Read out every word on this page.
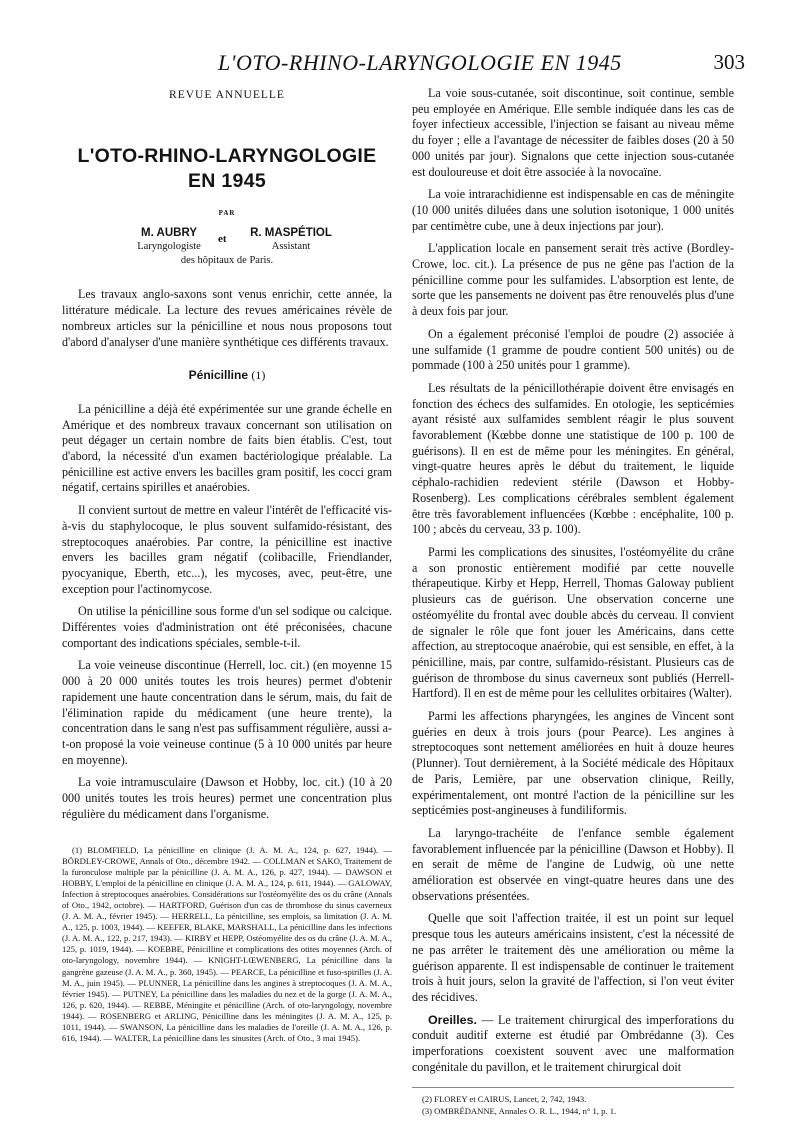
L'OTO-RHINO-LARYNGOLOGIE EN 1945	303
REVUE ANNUELLE
L'OTO-RHINO-LARYNGOLOGIE
EN 1945
PAR
M. AUBRY
Laryngologiste
et	R. MASPÉTIOL
Assistant
des hôpitaux de Paris.

Les travaux anglo-saxons sont venus enrichir, cette année, la littérature médicale. La lecture des revues américaines révèle de nombreux articles sur la pénicilline et nous nous proposons tout d'abord d'analyser d'une manière synthétique ces différents travaux.

Pénicilline (1)

La pénicilline a déjà été expérimentée sur une grande échelle en Amérique et des nombreux travaux concernant son utilisation on peut dégager un certain nombre de faits bien établis. C'est, tout d'abord, la nécessité d'un examen bactériologique préalable. La pénicilline est active envers les bacilles gram positif, les cocci gram négatif, certains spirilles et anaérobies.

Il convient surtout de mettre en valeur l'intérêt de l'efficacité vis-à-vis du staphylocoque, le plus souvent sulfamido-résistant, des streptocoques anaérobies. Par contre, la pénicilline est inactive envers les bacilles gram négatif (colibacille, Friendlander, pyocyanique, Eberth, etc...), les mycoses, avec, peut-être, une exception pour l'actinomycose.

On utilise la pénicilline sous forme d'un sel sodique ou calcique. Différentes voies d'administration ont été préconisées, chacune comportant des indications spéciales, semble-t-il.

La voie veineuse discontinue (Herrell, loc. cit.) (en moyenne 15 000 à 20 000 unités toutes les trois heures) permet d'obtenir rapidement une haute concentration dans le sérum, mais, du fait de l'élimination rapide du médicament (une heure trente), la concentration dans le sang n'est pas suffisamment régulière, aussi a-t-on proposé la voie veineuse continue (5 à 10 000 unités par heure en moyenne).

La voie intramusculaire (Dawson et Hobby, loc. cit.) (10 à 20 000 unités toutes les trois heures) permet une concentration plus régulière du médicament dans l'organisme.

(1) BLOMFIELD, La pénicilline en clinique (J. A. M. A., 124, p. 627, 1944). — BÖRDLEY-CROWE, Annals of Oto., décembre 1942. — COLLMAN et SAKO, Traitement de la furonculose multiple par la pénicilline (J. A. M. A., 126, p. 427, 1944). — DAWSON et HOBBY, L'emploi de la pénicilline en clinique (J. A. M. A., 124, p. 611, 1944). — GALOWAY, Infection à streptocoques anaérobies. Considérations sur l'ostéomyélite des os du crâne (Annals of Oto., 1942, octobre). — HARTFORD, Guérison d'un cas de thrombose du sinus caverneux (J. A. M. A., février 1945). — HERRELL, La pénicilline, ses emplois, sa limitation (J. A. M. A., 125, p. 1003, 1944). — KEEFER, BLAKE, MARSHALL, La pénicilline dans les infections (J. A. M. A., 122, p. 217, 1943). — KIRBY et HEPP, Ostéomyélite des os du crâne (J. A. M. A., 125, p. 1019, 1944). — KOEBBE, Pénicilline et complications des otites moyennes (Arch. of oto-laryngology, novembre 1944). — KNIGHT-LŒWENBERG, La pénicilline dans la gangrène gazeuse (J. A. M. A., p. 360, 1945). — PEARCE, La pénicilline et fuso-spirilles (J. A. M. A., juin 1945). — PLUNNER, La pénicilline dans les angines à streptocoques (J. A. M. A., février 1945). — PUTNEY, La pénicilline dans les maladies du nez et de la gorge (J. A. M. A., 126, p. 620, 1944). — REBBE, Méningite et pénicilline (Arch. of oto-laryngology, novembre 1944). — ROSENBERG et ARLING, Pénicilline dans les méningites (J. A. M. A., 125, p. 1011, 1944). — SWANSON, La pénicilline dans les maladies de l'oreille (J. A. M. A., 126, p. 616, 1944). — WALTER, La pénicilline dans les sinusites (Arch. of Oto., 3 mai 1945).

La voie sous-cutanée, soit discontinue, soit continue, semble peu employée en Amérique. Elle semble indiquée dans les cas de foyer infectieux accessible, l'injection se faisant au niveau même du foyer ; elle a l'avantage de nécessiter de faibles doses (20 à 50 000 unités par jour). Signalons que cette injection sous-cutanée est douloureuse et doit être associée à la novocaïne.

La voie intrarachidienne est indispensable en cas de méningite (10 000 unités diluées dans une solution isotonique, 1 000 unités par centimètre cube, une à deux injections par jour).

L'application locale en pansement serait très active (Bordley-Crowe, loc. cit.). La présence de pus ne gêne pas l'action de la pénicilline comme pour les sulfamides. L'absorption est lente, de sorte que les pansements ne doivent pas être renouvelés plus d'une à deux fois par jour.

On a également préconisé l'emploi de poudre (2) associée à une sulfamide (1 gramme de poudre contient 500 unités) ou de pommade (100 à 250 unités pour 1 gramme).

Les résultats de la pénicillothérapie doivent être envisagés en fonction des échecs des sulfamides. En otologie, les septicémies ayant résisté aux sulfamides semblent réagir le plus souvent favorablement (Kœbbe donne une statistique de 100 p. 100 de guérisons). Il en est de même pour les méningites. En général, vingt-quatre heures après le début du traitement, le liquide céphalo-rachidien redevient stérile (Dawson et Hobby-Rosenberg). Les complications cérébrales semblent également être très favorablement influencées (Kœbbe : encéphalite, 100 p. 100 ; abcès du cerveau, 33 p. 100).

Parmi les complications des sinusites, l'ostéomyélite du crâne a son pronostic entièrement modifié par cette nouvelle thérapeutique. Kirby et Hepp, Herrell, Thomas Galoway publient plusieurs cas de guérison. Une observation concerne une ostéomyélite du frontal avec double abcès du cerveau. Il convient de signaler le rôle que font jouer les Américains, dans cette affection, au streptocoque anaérobie, qui est sensible, en effet, à la pénicilline, mais, par contre, sulfamido-résistant. Plusieurs cas de guérison de thrombose du sinus caverneux sont publiés (Herrell-Hartford). Il en est de même pour les cellulites orbitaires (Walter).

Parmi les affections pharyngées, les angines de Vincent sont guéries en deux à trois jours (pour Pearce). Les angines à streptocoques sont nettement améliorées en huit à douze heures (Plunner). Tout dernièrement, à la Société médicale des Hôpitaux de Paris, Lemière, par une observation clinique, Reilly, expérimentalement, ont montré l'action de la pénicilline sur les septicémies post-angineuses à fundiliformis.

La laryngo-trachéite de l'enfance semble également favorablement influencée par la pénicilline (Dawson et Hobby). Il en serait de même de l'angine de Ludwig, où une nette amélioration est observée en vingt-quatre heures dans une des observations présentées.

Quelle que soit l'affection traitée, il est un point sur lequel presque tous les auteurs américains insistent, c'est la nécessité de ne pas arrêter le traitement dès une amélioration ou même la guérison apparente. Il est indispensable de continuer le traitement trois à huit jours, selon la gravité de l'affection, si l'on veut éviter des récidives.

Oreilles. — Le traitement chirurgical des imperforations du conduit auditif externe est étudié par Ombrédanne (3). Ces imperforations coexistent souvent avec une malformation congénitale du pavillon, et le traitement chirurgical doit

(2) FLOREY et CAIRUS, Lancet, 2, 742, 1943.

(3) OMBRÉDANNE, Annales O. R. L., 1944, n° 1, p. 1.
